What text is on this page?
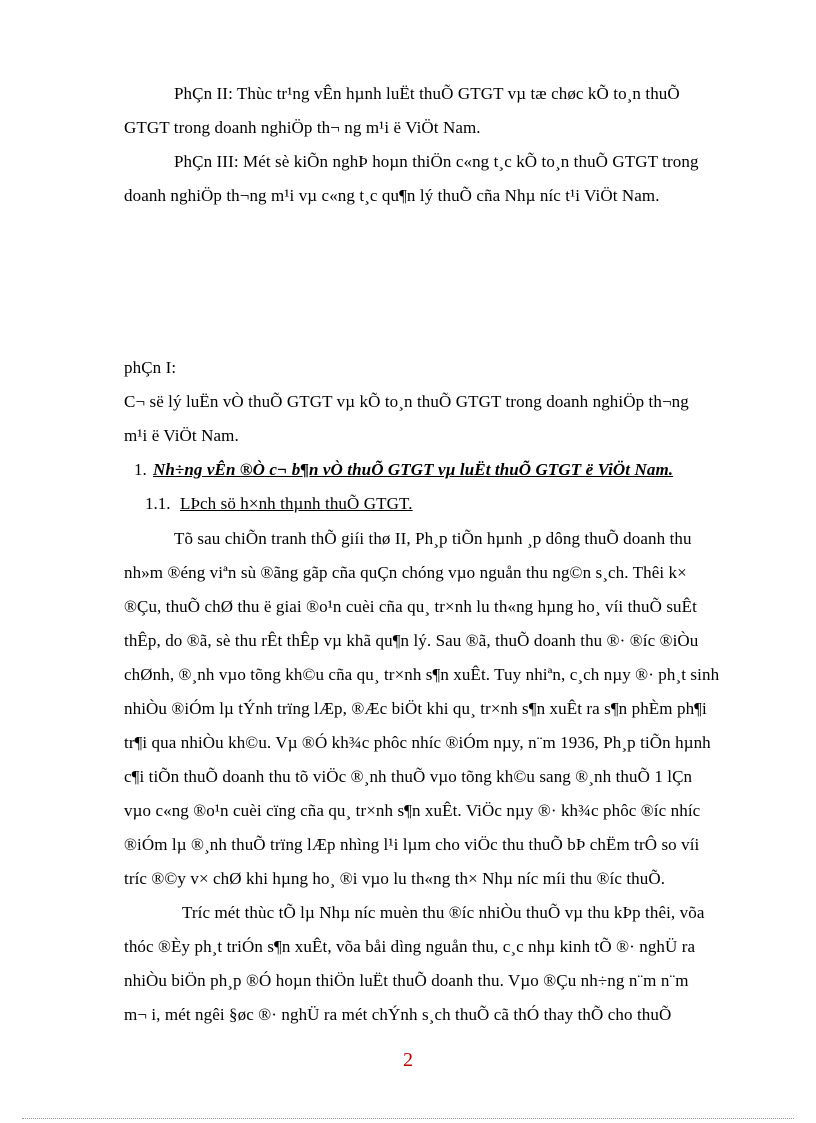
PhÇn II: Thùc tr¹ng vÊn hµnh luËt thuÕ GTGT vµ tæ chøc kÕ to¸n thuÕ
GTGT trong doanh nghiÖp th¬ ng m¹i ë ViÖt Nam.
PhÇn III: Mét sè kiÕn nghÞ hoµn thiÖn c«ng t¸c kÕ to¸n thuÕ GTGT trong
doanh nghiÖp th¬ng m¹i vµ c«ng t¸c qu¶n lý thuÕ cña Nhµ níc t¹i ViÖt Nam.
phÇn I:
C¬ së lý luËn vÒ thuÕ GTGT vµ kÕ to¸n thuÕ GTGT trong doanh nghiÖp th¬ng
m¹i ë ViÖt Nam.
1. Nh÷ng vÊn ®Ò c¬ b¶n vÒ thuÕ GTGT vµ luËt thuÕ GTGT ë ViÖt Nam.
1.1. LÞch sö h×nh thµnh thuÕ GTGT.
Tõ sau chiÕn tranh thÕ giíi thø II, Ph¸p tiÕn hµnh ¸p dông thuÕ doanh thu
nh»m ®éng viªn sù ®ãng gãp cña quÇn chóng vµo nguån thu ng©n s¸ch. Thêi k×
®Çu, thuÕ chØ thu ë giai ®o¹n cuèi cña qu¸ tr×nh lu th«ng hµng ho¸ víi thuÕ suÊt
thÊp, do ®ã, sè thu rÊt thÊp vµ khã qu¶n lý. Sau ®ã, thuÕ doanh thu ®· ®íc ®iÒu
chØnh, ®¸nh vµo tõng kh©u cña qu¸ tr×nh s¶n xuÊt. Tuy nhiªn, c¸ch nµy ®· ph¸t sinh
nhiÒu ®iÓm lµ tÝnh trïng lÆp, ®Æc biÖt khi qu¸ tr×nh s¶n xuÊt ra s¶n phÈm ph¶i
tr¶i qua nhiÒu kh©u. Vµ ®Ó kh¾c phôc nhíc ®iÓm nµy, n¨m 1936, Ph¸p tiÕn hµnh
c¶i tiÕn thuÕ doanh thu tõ viÖc ®¸nh thuÕ vµo tõng kh©u sang ®¸nh thuÕ 1 lÇn
vµo c«ng ®o¹n cuèi cïng cña qu¸ tr×nh s¶n xuÊt. ViÖc nµy ®· kh¾c phôc ®íc nhíc
®iÓm lµ ®¸nh thuÕ trïng lÆp nhìng l¹i lµm cho viÖc thu thuÕ bÞ chËm trÔ so víi
tríc ®©y v× chØ khi hµng ho¸ ®i vµo lu th«ng th× Nhµ níc míi thu ®íc thuÕ.
Tríc mét thùc tÕ lµ Nhµ níc muèn thu ®íc nhiÒu thuÕ vµ thu kÞp thêi, võa
thóc ®Èy ph¸t triÓn s¶n xuÊt, võa båi dìng nguån thu, c¸c nhµ kinh tÕ ®· nghÜ ra
nhiÒu biÖn ph¸p ®Ó hoµn thiÖn luËt thuÕ doanh thu. Vµo ®Çu nh÷ng n¨m n¨m
m¬ i, mét ngêi §øc ®· nghÜ ra mét chÝnh s¸ch thuÕ cã thÓ thay thÕ cho thuÕ
2
